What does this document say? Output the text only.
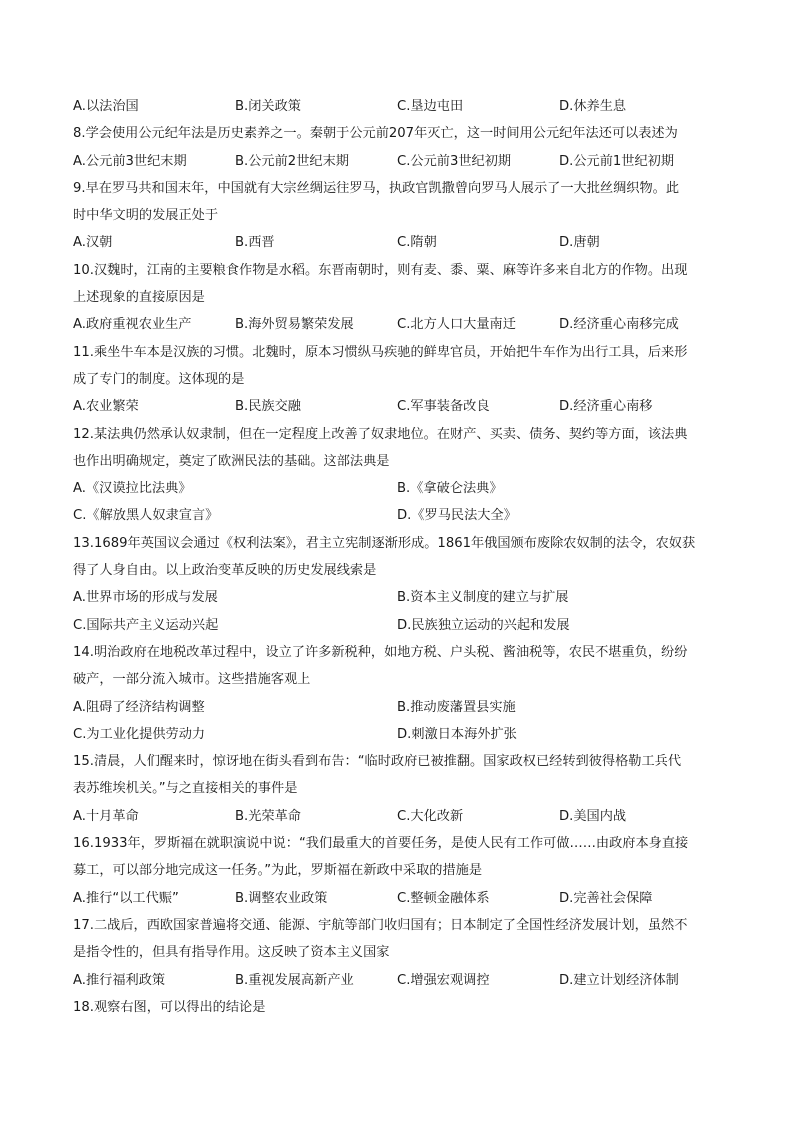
A.以法治国	B.闭关政策	C.垦边屯田	D.休养生息
8.学会使用公元纪年法是历史素养之一。秦朝于公元前207年灭亡，这一时间用公元纪年法还可以表述为
A.公元前3世纪末期	B.公元前2世纪末期	C.公元前3世纪初期	D.公元前1世纪初期
9.早在罗马共和国末年，中国就有大宗丝绸运往罗马，执政官凯撒曾向罗马人展示了一大批丝绸织物。此
时中华文明的发展正处于
A.汉朝	B.西晋	C.隋朝	D.唐朝
10.汉魏时，江南的主要粮食作物是水稻。东晋南朝时，则有麦、黍、粟、麻等许多来自北方的作物。出现
上述现象的直接原因是
A.政府重视农业生产	B.海外贸易繁荣发展	C.北方人口大量南迁	D.经济重心南移完成
11.乘坐牛车本是汉族的习惯。北魏时，原本习惯纵马疾驰的鲜卑官员，开始把牛车作为出行工具，后来形
成了专门的制度。这体现的是
A.农业繁荣	B.民族交融	C.军事装备改良	D.经济重心南移
12.某法典仍然承认奴隶制，但在一定程度上改善了奴隶地位。在财产、买卖、债务、契约等方面，该法典
也作出明确规定，奠定了欧洲民法的基础。这部法典是
A.《汉谟拉比法典》	B.《拿破仑法典》
C.《解放黑人奴隶宣言》	D.《罗马民法大全》
13.1689年英国议会通过《权利法案》，君主立宪制逐渐形成。1861年俄国颁布废除农奴制的法令，农奴获
得了人身自由。以上政治变革反映的历史发展线索是
A.世界市场的形成与发展	B.资本主义制度的建立与扩展
C.国际共产主义运动兴起	D.民族独立运动的兴起和发展
14.明治政府在地税改革过程中，设立了许多新税种，如地方税、户头税、酱油税等，农民不堪重负，纷纷
破产，一部分流入城市。这些措施客观上
A.阻碍了经济结构调整	B.推动废藩置县实施
C.为工业化提供劳动力	D.刺激日本海外扩张
15.清晨，人们醒来时，惊讶地在街头看到布告：“临时政府已被推翻。国家政权已经转到彼得格勒工兵代
表苏维埃机关。”与之直接相关的事件是
A.十月革命	B.光荣革命	C.大化改新	D.美国内战
16.1933年，罗斯福在就职演说中说：“我们最重大的首要任务，是使人民有工作可做……由政府本身直接
募工，可以部分地完成这一任务。”为此，罗斯福在新政中采取的措施是
A.推行“以工代赈”	B.调整农业政策	C.整顿金融体系	D.完善社会保障
17.二战后，西欧国家普遍将交通、能源、宇航等部门收归国有；日本制定了全国性经济发展计划，虽然不
是指令性的，但具有指导作用。这反映了资本主义国家
A.推行福利政策	B.重视发展高新产业	C.增强宏观调控	D.建立计划经济体制
18.观察右图，可以得出的结论是
